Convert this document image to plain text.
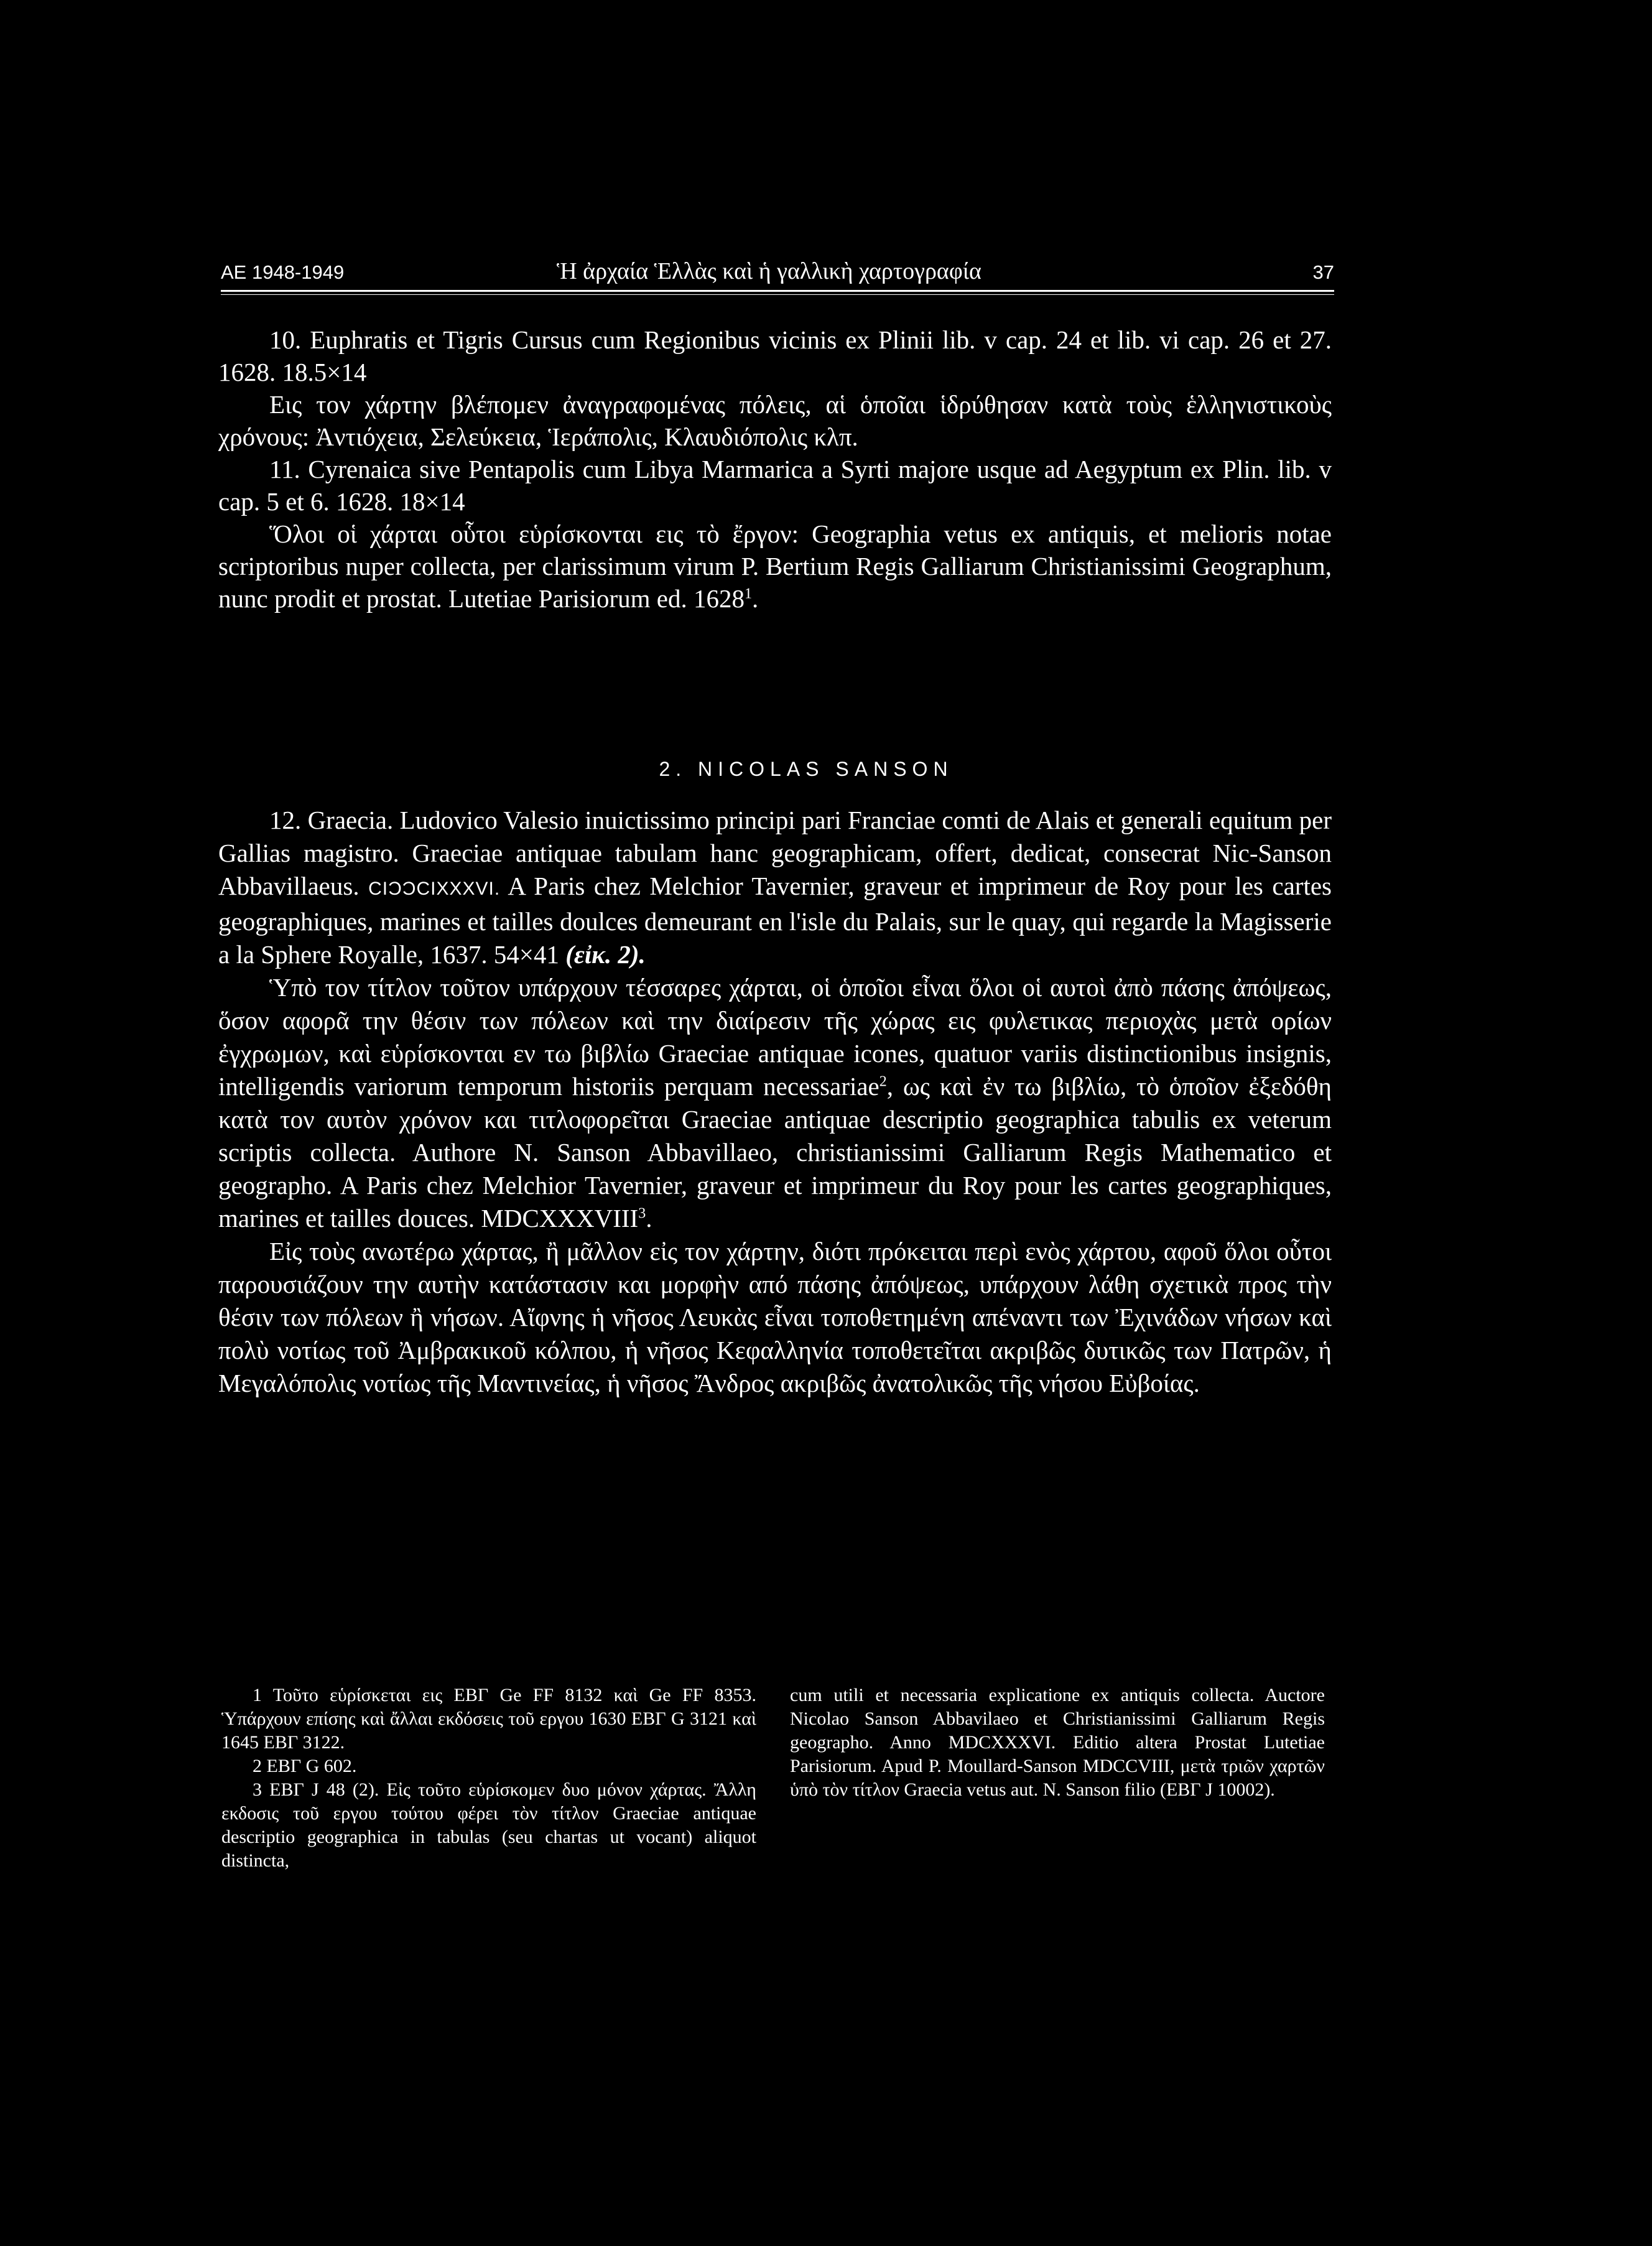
ΑΕ 1948-1949	Ἡ ἀρχαία Ἑλλὰς καὶ ἡ γαλλικὴ χαρτογραφία	37

10. Euphratis et Tigris Cursus cum Regionibus vicinis ex Plinii lib. v cap. 24 et lib. vi cap. 26 et 27. 1628. 18.5×14

Εις τον χάρτην βλέπομεν ἀναγραφομένας πόλεις, αἱ ὁποῖαι ἱδρύθησαν κατὰ τοὺς ἑλληνιστικοὺς χρόνους: Ἀντιόχεια, Σελεύκεια, Ἱεράπολις, Κλαυδιόπολις κλπ.

11. Cyrenaica sive Pentapolis cum Libya Marmarica a Syrti majore usque ad Aegyptum ex Plin. lib. v cap. 5 et 6. 1628. 18×14

Ὅλοι οἱ χάρται οὗτοι εὑρίσκονται εις τὸ ἔργον: Geographia vetus ex antiquis, et melioris notae scriptoribus nuper collecta, per clarissimum virum P. Bertium Regis Galliarum Christianissimi Geographum, nunc prodit et prostat. Lutetiae Parisiorum ed. 1628$^1$.

2. NICOLAS SANSON

12. Graecia. Ludovico Valesio inuictissimo principi pari Franciae comti de Alais et generali equitum per Gallias magistro. Graeciae antiquae tabulam hanc geographicam, offert, dedicat, consecrat Nic-Sanson Abbavillaeus. CIƆƆCIXXXVI. A Paris chez Melchior Tavernier, graveur et imprimeur de Roy pour les cartes geographiques, marines et tailles doulces demeurant en l'isle du Palais, sur le quay, qui regarde la Magisserie a la Sphere Royalle, 1637. 54×41 (εἰκ. 2).

Ὑπὸ τον τίτλον τοῦτον υπάρχουν τέσσαρες χάρται, οἱ ὁποῖοι εἶναι ὅλοι οἱ αυτοὶ ἀπὸ πάσης ἀπόψεως, ὅσον αφορᾶ την θέσιν των πόλεων καὶ την διαίρεσιν τῆς χώρας εις φυλετικας περιοχὰς μετὰ ορίων ἐγχρωμων, καὶ εὑρίσκονται εν τω βιβλίω Graeciae antiquae icones, quatuor variis distinctionibus insignis, intelligendis variorum temporum historiis perquam necessariae$^2$, ως καὶ ἐν τω βιβλίω, τὸ ὁποῖον ἐξεδόθη κατὰ τον αυτὸν χρόνον και τιτλοφορεῖται Graeciae antiquae descriptio geographica tabulis ex veterum scriptis collecta. Authore N. Sanson Abbavillaeo, christianissimi Galliarum Regis Mathematico et geographo. A Paris chez Melchior Tavernier, graveur et imprimeur du Roy pour les cartes geographiques, marines et tailles douces. MDCXXXVIII$^3$.

Εἰς τοὺς ανωτέρω χάρτας, ἢ μᾶλλον εἰς τον χάρτην, διότι πρόκειται περὶ ενὸς χάρτου, αφοῦ ὅλοι οὗτοι παρουσιάζουν την αυτὴν κατάστασιν και μορφὴν από πάσης ἀπόψεως, υπάρχουν λάθη σχετικὰ προς τὴν θέσιν των πόλεων ἢ νήσων. Αἴφνης ἡ νῆσος Λευκὰς εἶναι τοποθετημένη απέναντι των Ἐχινάδων νήσων καὶ πολὺ νοτίως τοῦ Ἀμβρακικοῦ κόλπου, ἡ νῆσος Κεφαλληνία τοποθετεῖται ακριβῶς δυτικῶς των Πατρῶν, ἡ Μεγαλόπολις νοτίως τῆς Μαντινείας, ἡ νῆσος Ἄνδρος ακριβῶς ἀνατολικῶς τῆς νήσου Εὐβοίας.

1 Τοῦτο εὑρίσκεται εις ΕΒΓ Ge FF 8132 καὶ Ge FF 8353. Ὑπάρχουν επίσης καὶ ἄλλαι εκδόσεις τοῦ εργου 1630 ΕΒΓ G 3121 καὶ 1645 ΕΒΓ 3122.

2 ΕΒΓ G 602.

3 ΕΒΓ J 48 (2). Εἰς τοῦτο εὑρίσκομεν δυο μόνον χάρτας. Ἄλλη εκδοσις τοῦ εργου τούτου φέρει τὸν τίτλον Graeciae antiquae descriptio geographica in tabulas (seu chartas ut vocant) aliquot distincta,

cum utili et necessaria explicatione ex antiquis collecta. Auctore Nicolao Sanson Abbavilaeo et Christianissimi Galliarum Regis geographo. Anno MDCXXXVI. Editio altera Prostat Lutetiae Parisiorum. Apud P. Moullard-Sanson MDCCVIII, μετὰ τριῶν χαρτῶν ὑπὸ τὸν τίτλον Graecia vetus aut. N. Sanson filio (ΕΒΓ J 10002).
